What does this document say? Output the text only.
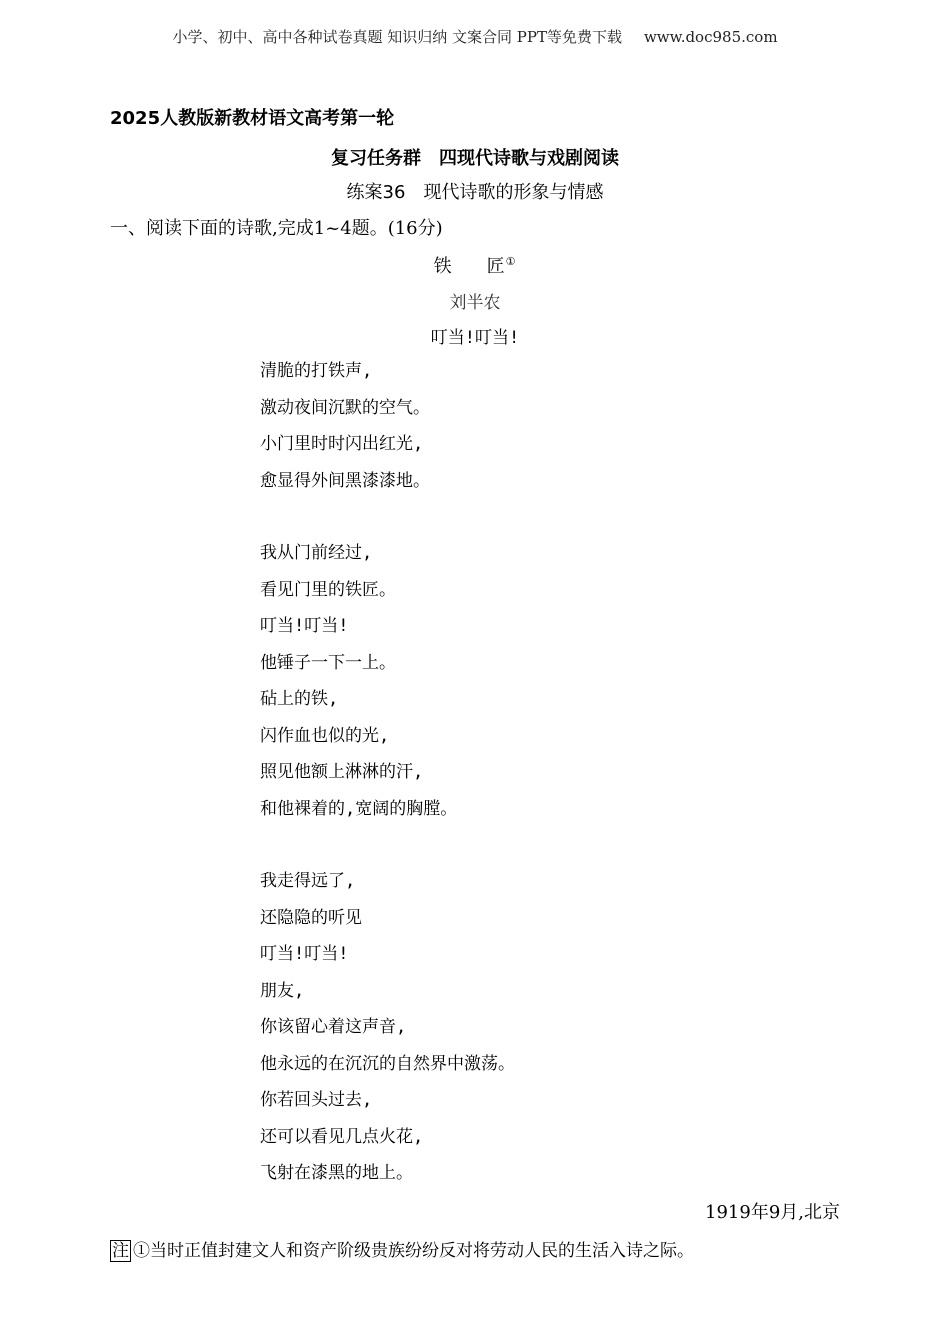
小学、初中、高中各种试卷真题 知识归纳 文案合同 PPT等免费下载 www.doc985.com
2025人教版新教材语文高考第一轮
复习任务群　四现代诗歌与戏剧阅读
练案36　现代诗歌的形象与情感
一、阅读下面的诗歌,完成1~4题。(16分)
铁 匠①
刘半农
叮当!叮当!
清脆的打铁声,
激动夜间沉默的空气。
小门里时时闪出红光,
愈显得外间黑漆漆地。
我从门前经过,
看见门里的铁匠。
叮当!叮当!
他锤子一下一上。
砧上的铁,
闪作血也似的光,
照见他额上淋淋的汗,
和他裸着的,宽阔的胸膛。
我走得远了,
还隐隐的听见
叮当!叮当!
朋友,
你该留心着这声音,
他永远的在沉沉的自然界中激荡。
你若回头过去,
还可以看见几点火花,
飞射在漆黑的地上。
1919年9月,北京
注 ①当时正值封建文人和资产阶级贵族纷纷反对将劳动人民的生活入诗之际。
